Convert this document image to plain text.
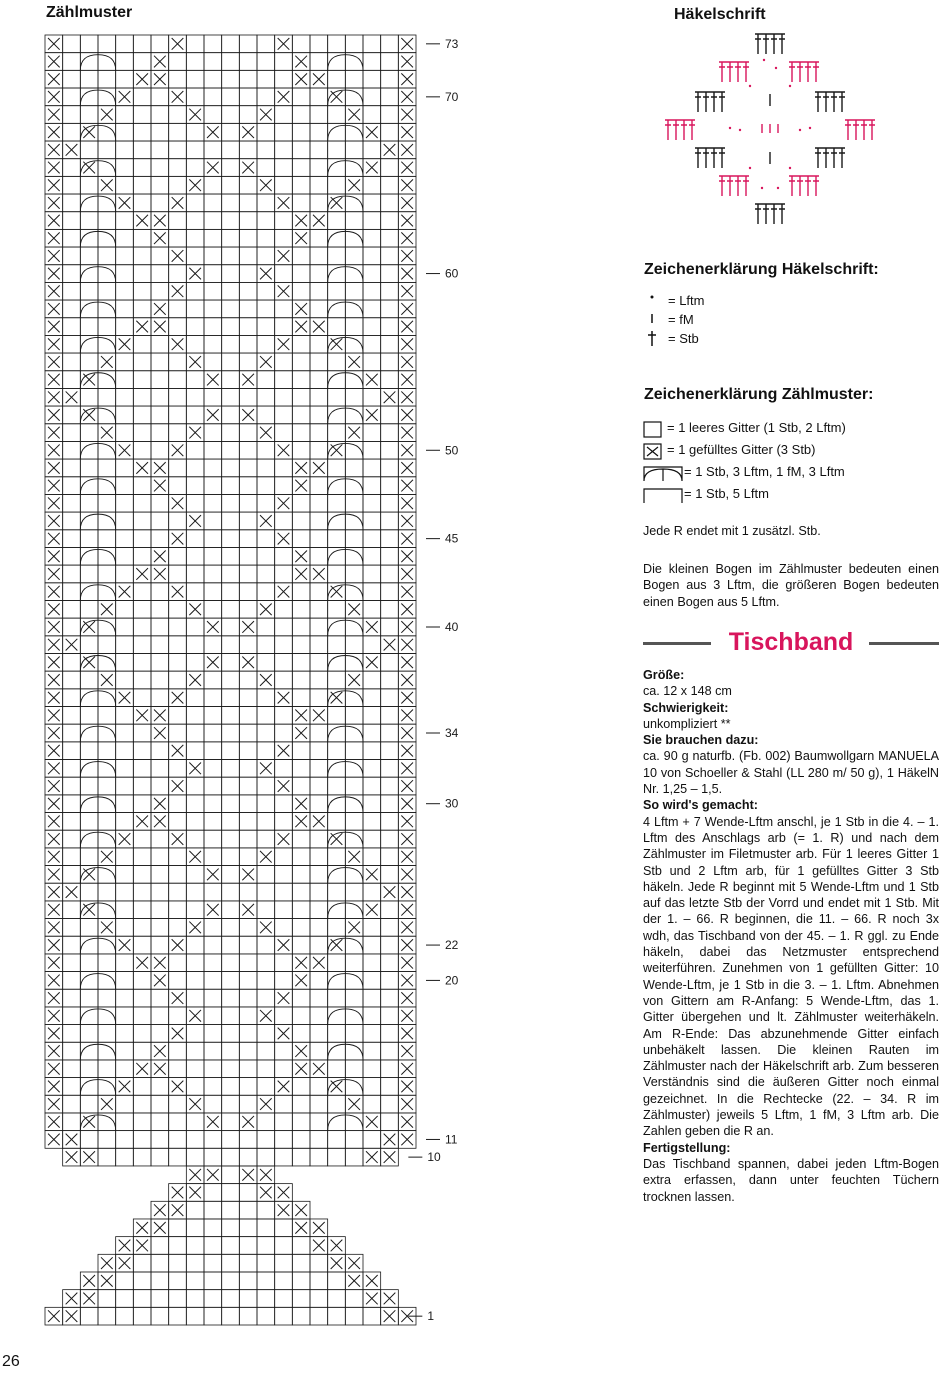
Zählmuster
73
70
60
50
45
40
34
30
22
20
11
10
1
Häkelschrift
Zeichenerklärung Häkelschrift:
= Lftm
= fM
= Stb
Zeichenerklärung Zählmuster:
= 1 leeres Gitter (1 Stb, 2 Lftm)
= 1 gefülltes Gitter (3 Stb)
= 1 Stb, 3 Lftm, 1 fM, 3 Lftm
= 1 Stb, 5 Lftm
Jede R endet mit 1 zusätzl. Stb.
Die kleinen Bogen im Zählmuster bedeuten einen Bogen aus 3 Lftm, die größeren Bogen bedeuten einen Bogen aus 5 Lftm.
Tischband
Größe:
ca. 12 x 148 cm
Schwierigkeit:
unkompliziert **
Sie brauchen dazu:
ca. 90 g naturfb. (Fb. 002) Baumwollgarn MANUELA 10 von Schoeller & Stahl (LL 280 m/ 50 g), 1 HäkelN Nr. 1,25 – 1,5.
So wird's gemacht:
4 Lftm + 7 Wende-Lftm anschl, je 1 Stb in die 4. – 1. Lftm des Anschlags arb (= 1. R) und nach dem Zählmuster im Filetmuster arb. Für 1 leeres Gitter 1 Stb und 2 Lftm arb, für 1 gefülltes Gitter 3 Stb häkeln. Jede R beginnt mit 5 Wende-Lftm und 1 Stb auf das letzte Stb der Vorrd und endet mit 1 Stb. Mit der 1. – 66. R beginnen, die 11. – 66. R noch 3x wdh, das Tischband von der 45. – 1. R ggl. zu Ende häkeln, dabei das Netzmuster entsprechend weiterführen. Zunehmen von 1 gefüllten Gitter: 10 Wende-Lftm, je 1 Stb in die 3. – 1. Lftm. Abnehmen von Gittern am R-Anfang: 5 Wende-Lftm, das 1. Gitter übergehen und lt. Zählmuster weiterhäkeln. Am R-Ende: Das abzunehmende Gitter einfach unbehäkelt lassen. Die kleinen Rauten im Zählmuster nach der Häkelschrift arb. Zum besseren Verständnis sind die äußeren Gitter noch einmal gezeichnet. In die Rechtecke (22. – 34. R im Zählmuster) jeweils 5 Lftm, 1 fM, 3 Lftm arb. Die Zahlen geben die R an.
Fertigstellung:
Das Tischband spannen, dabei jeden Lftm-Bogen extra erfassen, dann unter feuchten Tüchern trocknen lassen.
26
